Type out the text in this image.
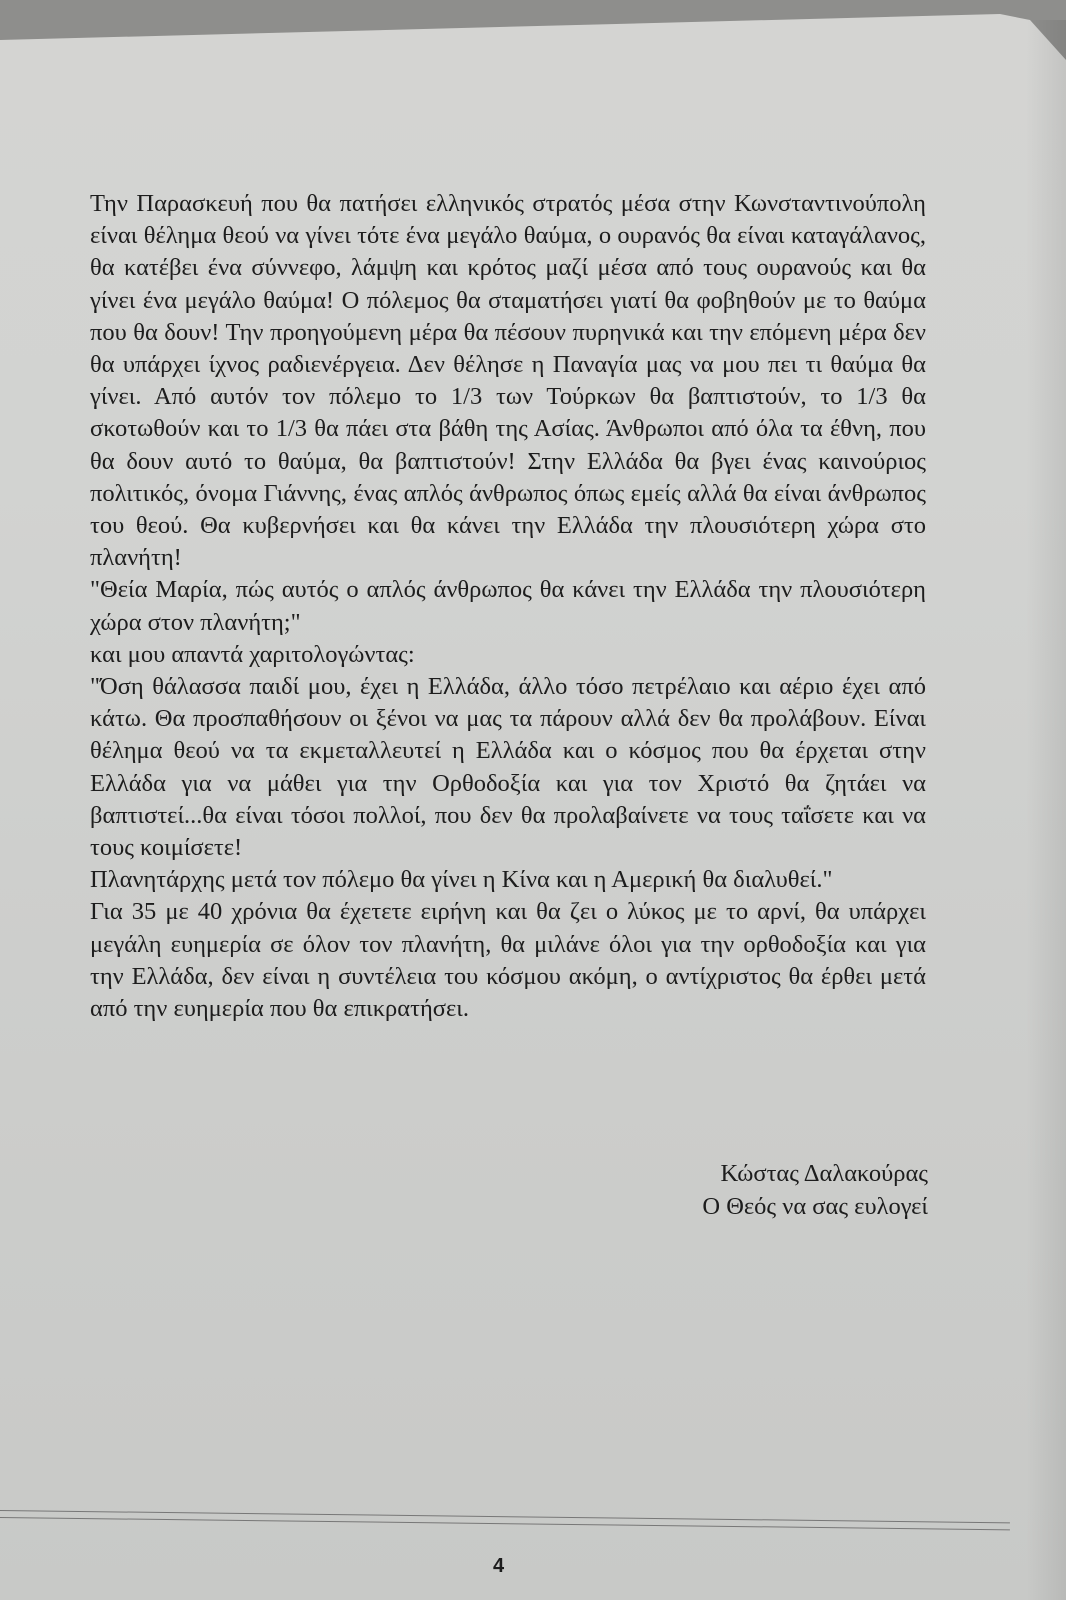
Την Παρασκευή που θα πατήσει ελληνικός στρατός μέσα στην Κωνσταντινούπολη είναι θέλημα θεού να γίνει τότε ένα μεγάλο θαύμα, ο ουρανός θα είναι καταγάλανος, θα κατέβει ένα σύννεφο, λάμψη και κρότος μαζί μέσα από τους ουρανούς και θα γίνει ένα μεγάλο θαύμα! Ο πόλεμος θα σταματήσει γιατί θα φοβηθούν με το θαύμα που θα δουν! Την προηγούμενη μέρα θα πέσουν πυρηνικά και την επόμενη μέρα δεν θα υπάρχει ίχνος ραδιενέργεια. Δεν θέλησε η Παναγία μας να μου πει τι θαύμα θα γίνει. Από αυτόν τον πόλεμο το 1/3 των Τούρκων θα βαπτιστούν, το 1/3 θα σκοτωθούν και το 1/3 θα πάει στα βάθη της Ασίας. Άνθρωποι από όλα τα έθνη, που θα δουν αυτό το θαύμα, θα βαπτιστούν! Στην Ελλάδα θα βγει ένας καινούριος πολιτικός, όνομα Γιάννης, ένας απλός άνθρωπος όπως εμείς αλλά θα είναι άνθρωπος του θεού. Θα κυβερνήσει και θα κάνει την Ελλάδα την πλουσιότερη χώρα στο πλανήτη!

"Θεία Μαρία, πώς αυτός ο απλός άνθρωπος θα κάνει την Ελλάδα την πλουσιότερη χώρα στον πλανήτη;"

και μου απαντά χαριτολογώντας:

"Όση θάλασσα παιδί μου, έχει η Ελλάδα, άλλο τόσο πετρέλαιο και αέριο έχει από κάτω. Θα προσπαθήσουν οι ξένοι να μας τα πάρουν αλλά δεν θα προλάβουν. Είναι θέλημα θεού να τα εκμεταλλευτεί η Ελλάδα και ο κόσμος που θα έρχεται στην Ελλάδα για να μάθει για την Ορθοδοξία και για τον Χριστό θα ζητάει να βαπτιστεί...θα είναι τόσοι πολλοί, που δεν θα προλαβαίνετε να τους ταΐσετε και να τους κοιμίσετε!

Πλανητάρχης μετά τον πόλεμο θα γίνει η Κίνα και η Αμερική θα διαλυθεί."

Για 35 με 40 χρόνια θα έχετετε ειρήνη και θα ζει ο λύκος με το αρνί, θα υπάρχει μεγάλη ευημερία σε όλον τον πλανήτη, θα μιλάνε όλοι για την ορθοδοξία και για την Ελλάδα, δεν είναι η συντέλεια του κόσμου ακόμη, ο αντίχριστος θα έρθει μετά από την ευημερία που θα επικρατήσει.

Κώστας Δαλακούρας
Ο Θεός να σας ευλογεί
4
